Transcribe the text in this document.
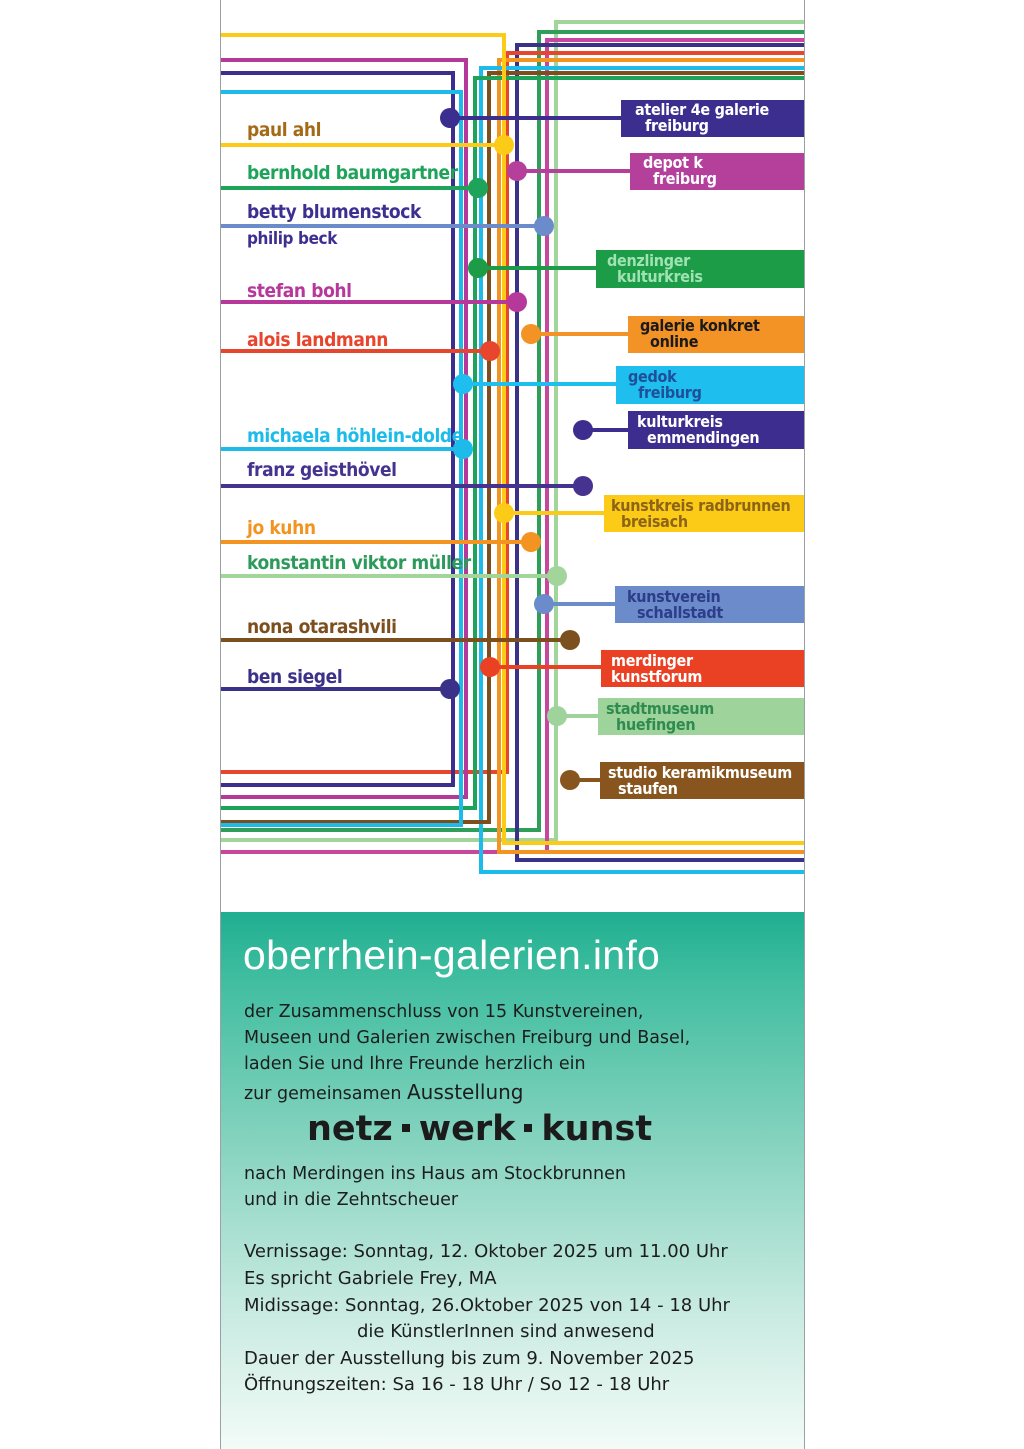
paul ahl
bernhold baumgartner
betty blumenstock
philip beck
stefan bohl
alois landmann
michaela höhlein-dolde
franz geisthövel
jo kuhn
konstantin viktor müller
nona otarashvili
ben siegel
atelier 4e galerie
freiburg
depot k
freiburg
denzlinger
kulturkreis
galerie konkret
online
gedok
freiburg
kulturkreis
emmendingen
kunstkreis radbrunnen
breisach
kunstverein
schallstadt
merdinger
kunstforum
stadtmuseum
huefingen
studio keramikmuseum
staufen
oberrhein-galerien.info
der Zusammenschluss von 15 Kunstvereinen,
Museen und Galerien zwischen Freiburg und Basel,
laden Sie und Ihre Freunde herzlich ein
zur gemeinsamen Ausstellung
netz werk kunst
nach Merdingen ins Haus am Stockbrunnen
und in die Zehntscheuer
Vernissage: Sonntag, 12. Oktober 2025 um 11.00 Uhr
Es spricht Gabriele Frey, MA
Midissage: Sonntag, 26.Oktober 2025 von 14 - 18 Uhr
die KünstlerInnen sind anwesend
Dauer der Ausstellung bis zum 9. November 2025
Öffnungszeiten: Sa 16 - 18 Uhr / So 12 - 18 Uhr
